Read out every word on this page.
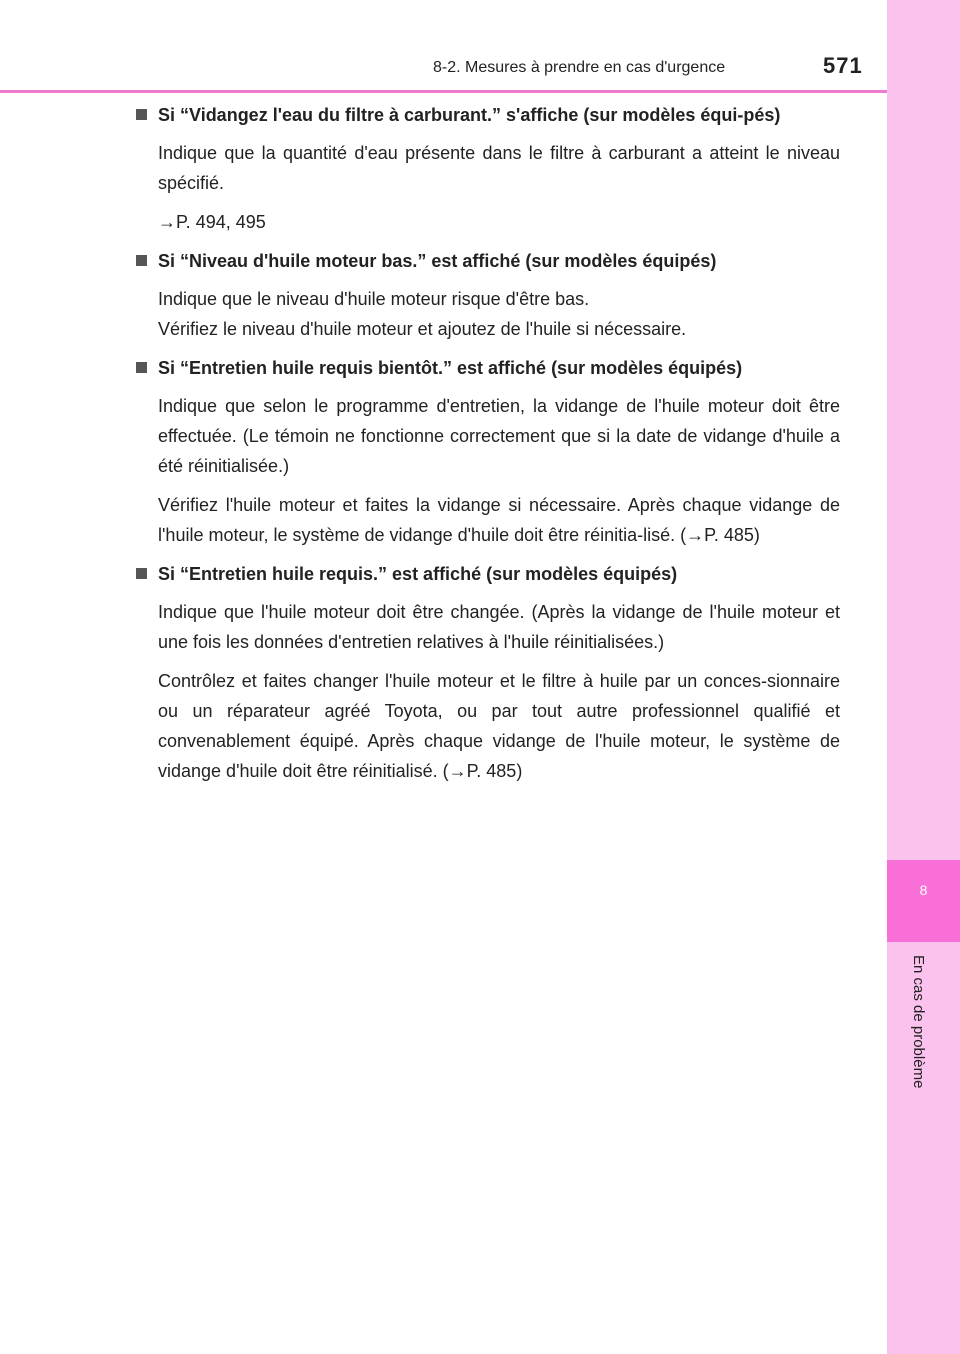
8-2. Mesures à prendre en cas d'urgence	571
8
En cas de problème

Si “Vidangez l'eau du filtre à carburant.” s'affiche (sur modèles équi-pés)

Indique que la quantité d'eau présente dans le filtre à carburant a atteint le niveau spécifié.

→P. 494, 495

Si “Niveau d'huile moteur bas.” est affiché (sur modèles équipés)

Indique que le niveau d'huile moteur risque d'être bas.

Vérifiez le niveau d'huile moteur et ajoutez de l'huile si nécessaire.

Si “Entretien huile requis bientôt.” est affiché (sur modèles équipés)

Indique que selon le programme d'entretien, la vidange de l'huile moteur doit être effectuée. (Le témoin ne fonctionne correctement que si la date de vidange d'huile a été réinitialisée.)

Vérifiez l'huile moteur et faites la vidange si nécessaire. Après chaque vidange de l'huile moteur, le système de vidange d'huile doit être réinitia-lisé. (→P. 485)

Si “Entretien huile requis.” est affiché (sur modèles équipés)

Indique que l'huile moteur doit être changée. (Après la vidange de l'huile moteur et une fois les données d'entretien relatives à l'huile réinitialisées.)

Contrôlez et faites changer l'huile moteur et le filtre à huile par un conces-sionnaire ou un réparateur agréé Toyota, ou par tout autre professionnel qualifié et convenablement équipé. Après chaque vidange de l'huile moteur, le système de vidange d'huile doit être réinitialisé. (→P. 485)
